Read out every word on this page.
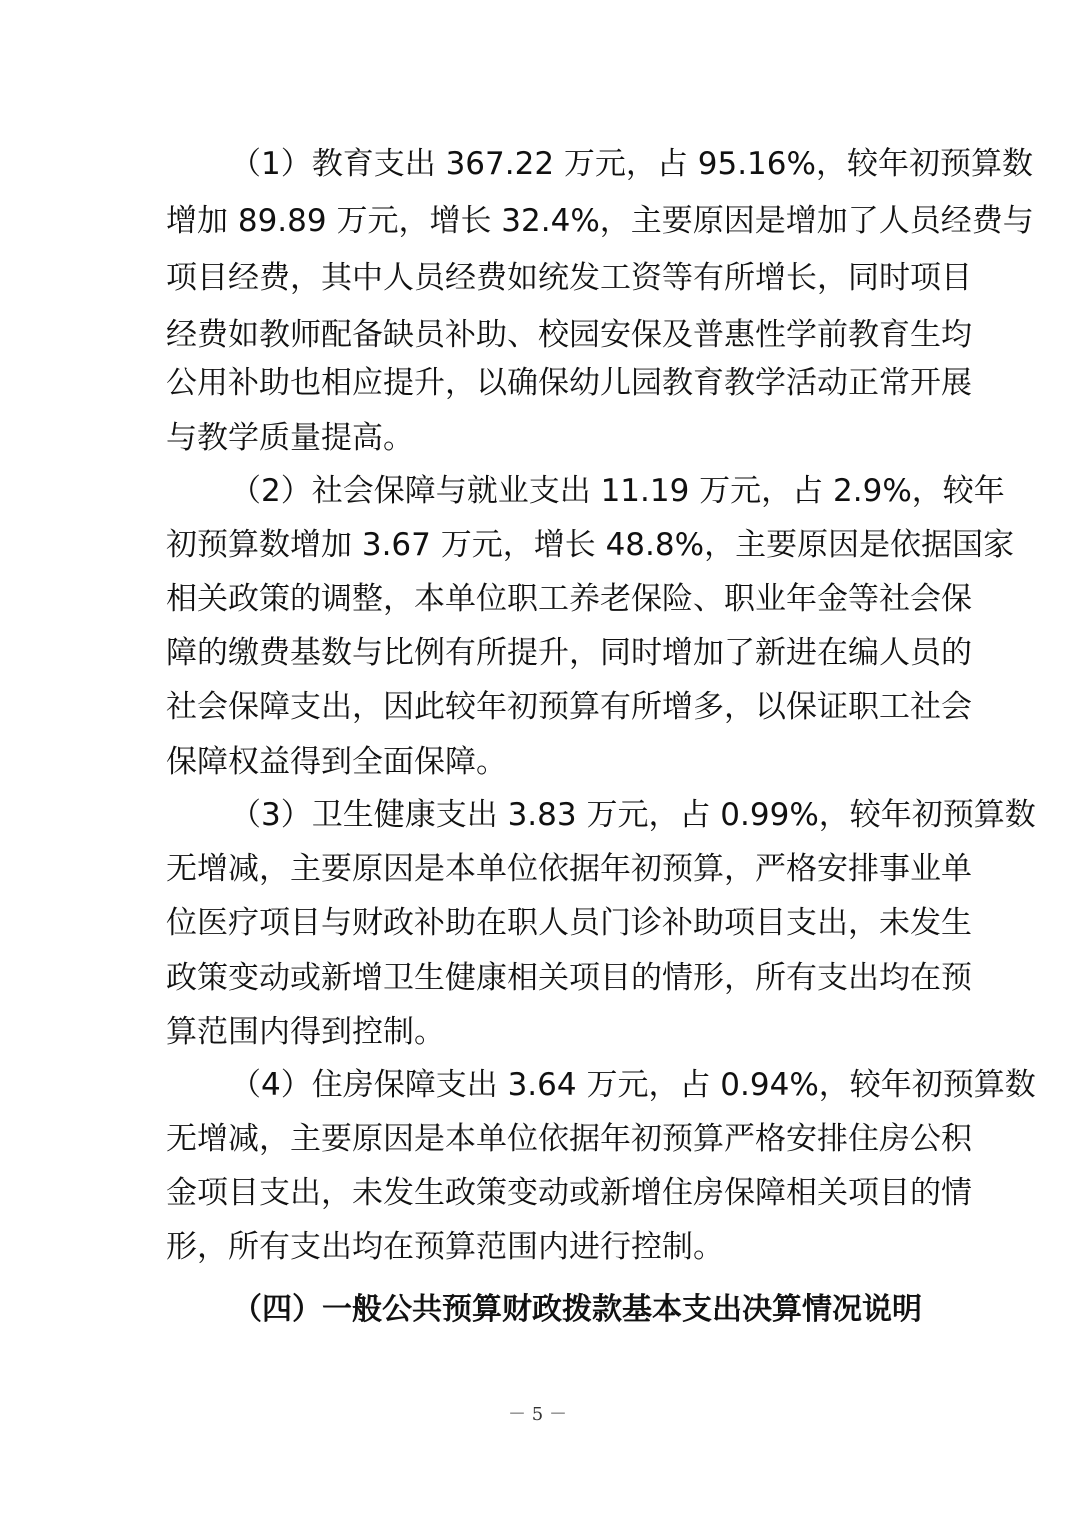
（1）教育支出 367.22 万元，占 95.16%，较年初预算数
增加 89.89 万元，增长 32.4%，主要原因是增加了人员经费与
项目经费，其中人员经费如统发工资等有所增长，同时项目
经费如教师配备缺员补助、校园安保及普惠性学前教育生均
公用补助也相应提升，以确保幼儿园教育教学活动正常开展
与教学质量提高。
（2）社会保障与就业支出 11.19 万元，占 2.9%，较年
初预算数增加 3.67 万元，增长 48.8%，主要原因是依据国家
相关政策的调整，本单位职工养老保险、职业年金等社会保
障的缴费基数与比例有所提升，同时增加了新进在编人员的
社会保障支出，因此较年初预算有所增多，以保证职工社会
保障权益得到全面保障。
（3）卫生健康支出 3.83 万元，占 0.99%，较年初预算数
无增减，主要原因是本单位依据年初预算，严格安排事业单
位医疗项目与财政补助在职人员门诊补助项目支出，未发生
政策变动或新增卫生健康相关项目的情形，所有支出均在预
算范围内得到控制。
（4）住房保障支出 3.64 万元，占 0.94%，较年初预算数
无增减，主要原因是本单位依据年初预算严格安排住房公积
金项目支出，未发生政策变动或新增住房保障相关项目的情
形，所有支出均在预算范围内进行控制。
（四）一般公共预算财政拨款基本支出决算情况说明
－ 5 －
